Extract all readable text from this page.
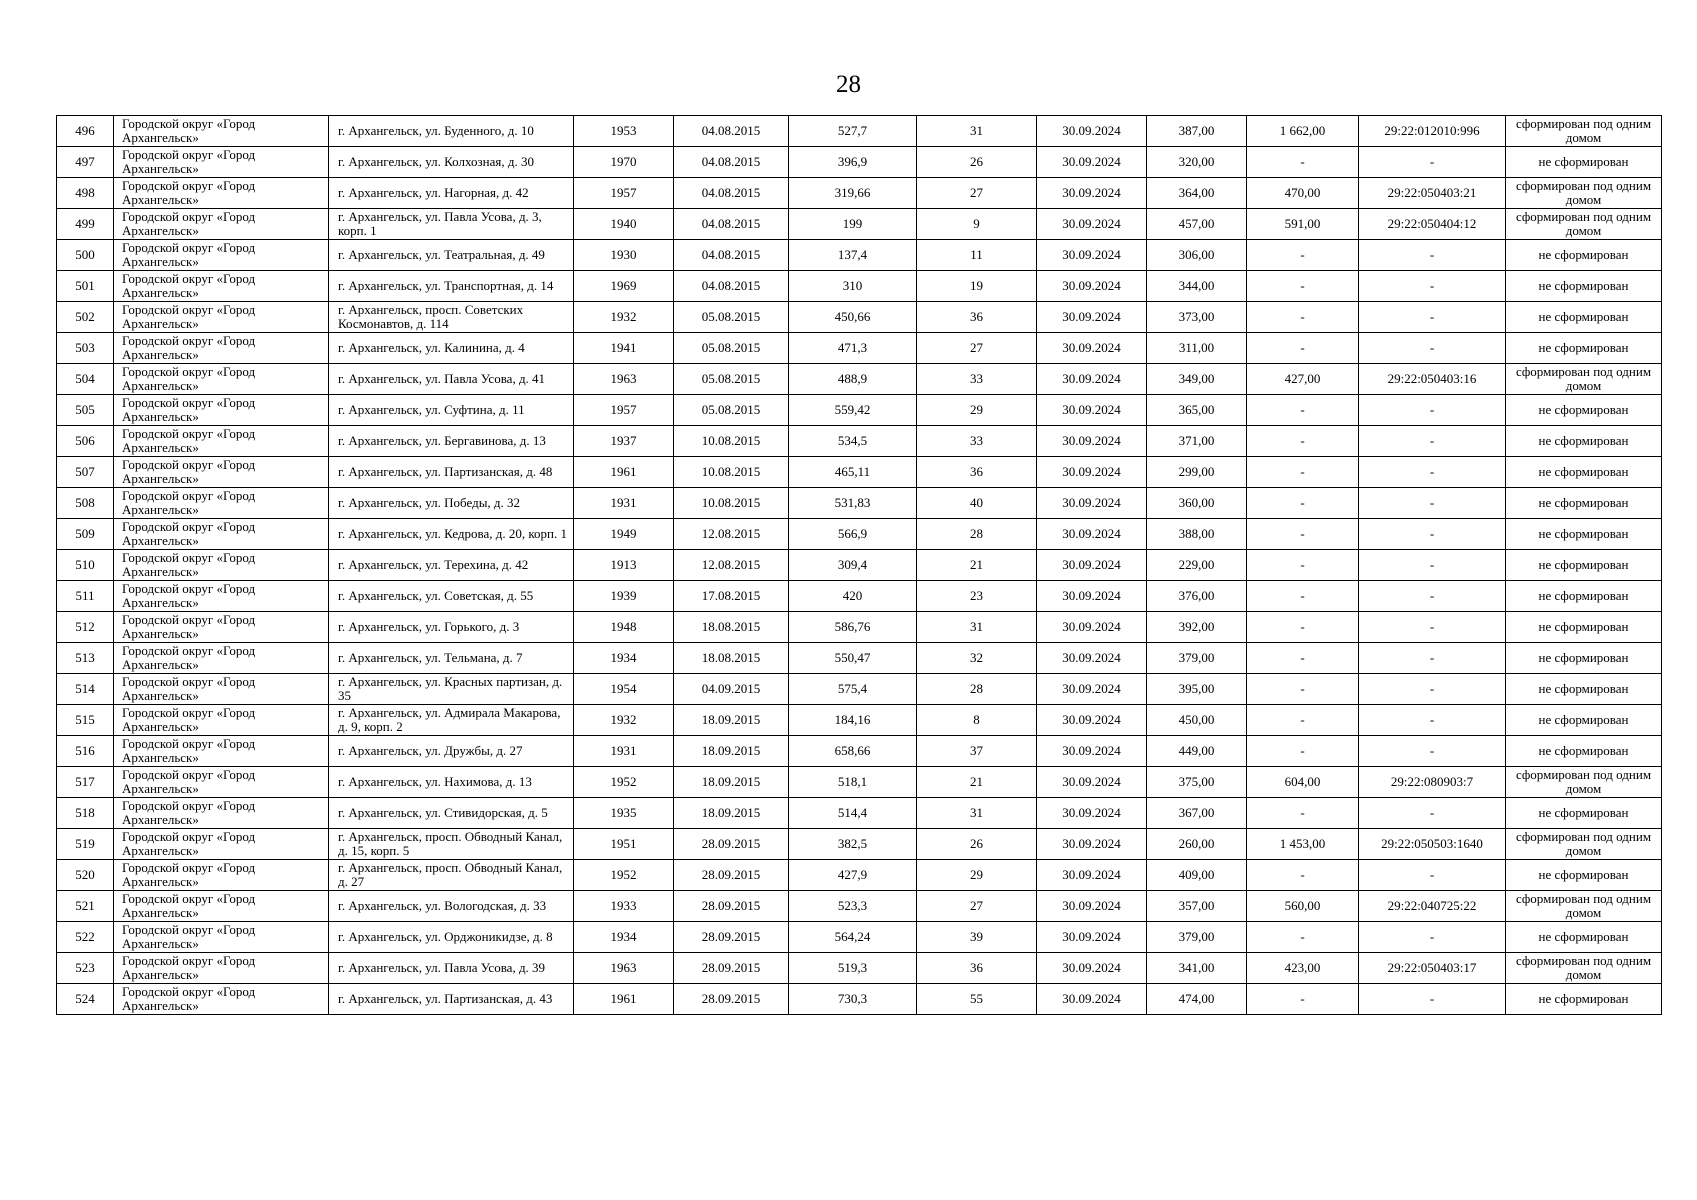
28
496	Городской округ «Город Архангельск»	г. Архангельск, ул. Буденного, д. 10	1953	04.08.2015	527,7	31	30.09.2024	387,00	1 662,00	29:22:012010:996	сформирован под одним домом
497	Городской округ «Город Архангельск»	г. Архангельск, ул. Колхозная, д. 30	1970	04.08.2015	396,9	26	30.09.2024	320,00	-	-	не сформирован
498	Городской округ «Город Архангельск»	г. Архангельск, ул. Нагорная, д. 42	1957	04.08.2015	319,66	27	30.09.2024	364,00	470,00	29:22:050403:21	сформирован под одним домом
499	Городской округ «Город Архангельск»	г. Архангельск, ул. Павла Усова, д. 3, корп. 1	1940	04.08.2015	199	9	30.09.2024	457,00	591,00	29:22:050404:12	сформирован под одним домом
500	Городской округ «Город Архангельск»	г. Архангельск, ул. Театральная, д. 49	1930	04.08.2015	137,4	11	30.09.2024	306,00	-	-	не сформирован
501	Городской округ «Город Архангельск»	г. Архангельск, ул. Транспортная, д. 14	1969	04.08.2015	310	19	30.09.2024	344,00	-	-	не сформирован
502	Городской округ «Город Архангельск»	г. Архангельск, просп. Советских Космонавтов, д. 114	1932	05.08.2015	450,66	36	30.09.2024	373,00	-	-	не сформирован
503	Городской округ «Город Архангельск»	г. Архангельск, ул. Калинина, д. 4	1941	05.08.2015	471,3	27	30.09.2024	311,00	-	-	не сформирован
504	Городской округ «Город Архангельск»	г. Архангельск, ул. Павла Усова, д. 41	1963	05.08.2015	488,9	33	30.09.2024	349,00	427,00	29:22:050403:16	сформирован под одним домом
505	Городской округ «Город Архангельск»	г. Архангельск, ул. Суфтина, д. 11	1957	05.08.2015	559,42	29	30.09.2024	365,00	-	-	не сформирован
506	Городской округ «Город Архангельск»	г. Архангельск, ул. Бергавинова, д. 13	1937	10.08.2015	534,5	33	30.09.2024	371,00	-	-	не сформирован
507	Городской округ «Город Архангельск»	г. Архангельск, ул. Партизанская, д. 48	1961	10.08.2015	465,11	36	30.09.2024	299,00	-	-	не сформирован
508	Городской округ «Город Архангельск»	г. Архангельск, ул. Победы, д. 32	1931	10.08.2015	531,83	40	30.09.2024	360,00	-	-	не сформирован
509	Городской округ «Город Архангельск»	г. Архангельск, ул. Кедрова, д. 20, корп. 1	1949	12.08.2015	566,9	28	30.09.2024	388,00	-	-	не сформирован
510	Городской округ «Город Архангельск»	г. Архангельск, ул. Терехина, д. 42	1913	12.08.2015	309,4	21	30.09.2024	229,00	-	-	не сформирован
511	Городской округ «Город Архангельск»	г. Архангельск, ул. Советская, д. 55	1939	17.08.2015	420	23	30.09.2024	376,00	-	-	не сформирован
512	Городской округ «Город Архангельск»	г. Архангельск, ул. Горького, д. 3	1948	18.08.2015	586,76	31	30.09.2024	392,00	-	-	не сформирован
513	Городской округ «Город Архангельск»	г. Архангельск, ул. Тельмана, д. 7	1934	18.08.2015	550,47	32	30.09.2024	379,00	-	-	не сформирован
514	Городской округ «Город Архангельск»	г. Архангельск, ул. Красных партизан, д. 35	1954	04.09.2015	575,4	28	30.09.2024	395,00	-	-	не сформирован
515	Городской округ «Город Архангельск»	г. Архангельск, ул. Адмирала Макарова, д. 9, корп. 2	1932	18.09.2015	184,16	8	30.09.2024	450,00	-	-	не сформирован
516	Городской округ «Город Архангельск»	г. Архангельск, ул. Дружбы, д. 27	1931	18.09.2015	658,66	37	30.09.2024	449,00	-	-	не сформирован
517	Городской округ «Город Архангельск»	г. Архангельск, ул. Нахимова, д. 13	1952	18.09.2015	518,1	21	30.09.2024	375,00	604,00	29:22:080903:7	сформирован под одним домом
518	Городской округ «Город Архангельск»	г. Архангельск, ул. Стивидорская, д. 5	1935	18.09.2015	514,4	31	30.09.2024	367,00	-	-	не сформирован
519	Городской округ «Город Архангельск»	г. Архангельск, просп. Обводный Канал, д. 15, корп. 5	1951	28.09.2015	382,5	26	30.09.2024	260,00	1 453,00	29:22:050503:1640	сформирован под одним домом
520	Городской округ «Город Архангельск»	г. Архангельск, просп. Обводный Канал, д. 27	1952	28.09.2015	427,9	29	30.09.2024	409,00	-	-	не сформирован
521	Городской округ «Город Архангельск»	г. Архангельск, ул. Вологодская, д. 33	1933	28.09.2015	523,3	27	30.09.2024	357,00	560,00	29:22:040725:22	сформирован под одним домом
522	Городской округ «Город Архангельск»	г. Архангельск, ул. Орджоникидзе, д. 8	1934	28.09.2015	564,24	39	30.09.2024	379,00	-	-	не сформирован
523	Городской округ «Город Архангельск»	г. Архангельск, ул. Павла Усова, д. 39	1963	28.09.2015	519,3	36	30.09.2024	341,00	423,00	29:22:050403:17	сформирован под одним домом
524	Городской округ «Город Архангельск»	г. Архангельск, ул. Партизанская, д. 43	1961	28.09.2015	730,3	55	30.09.2024	474,00	-	-	не сформирован
